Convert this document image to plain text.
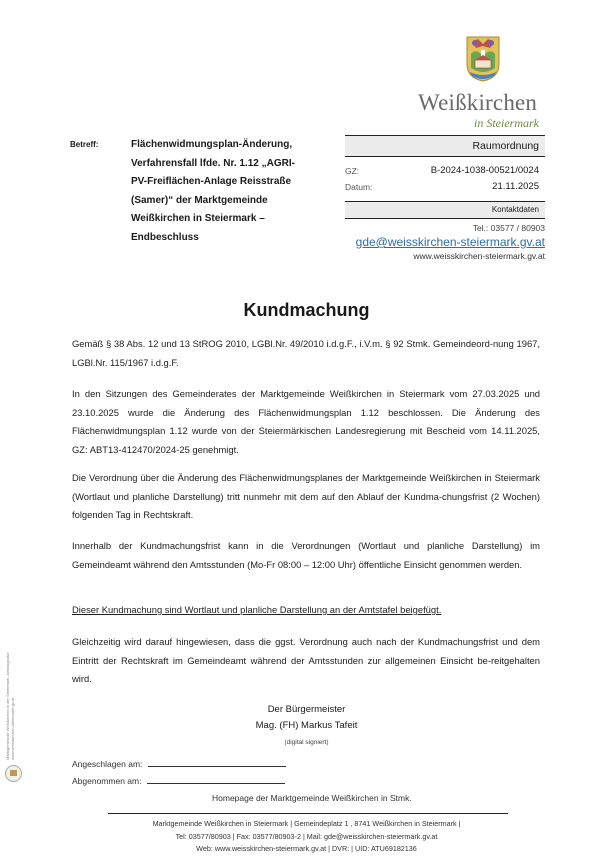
Weißkirchen
in Steiermark
Betreff:	Flächenwidmungsplan-Änderung,
Verfahrensfall lfde. Nr. 1.12 „AGRI-
PV-Freiflächen-Anlage Reisstraße
(Samer)“ der Marktgemeinde
Weißkirchen in Steiermark –
Endbeschluss
Raumordnung
GZ:	B-2024-1038-00521/0024
Datum:	21.11.2025
Kontaktdaten
Tel.: 03577 / 80903
gde@weisskirchen-steiermark.gv.at
www.weisskirchen-steiermark.gv.at
Kundmachung
Gemäß § 38 Abs. 12 und 13 StROG 2010, LGBl.Nr. 49/2010 i.d.g.F., i.V.m. § 92 Stmk. Gemeindeord-nung 1967, LGBl.Nr. 115/1967 i.d.g.F.
In den Sitzungen des Gemeinderates der Marktgemeinde Weißkirchen in Steiermark vom 27.03.2025 und 23.10.2025 wurde die Änderung des Flächenwidmungsplan 1.12 beschlossen. Die Änderung des Flächenwidmungsplan 1.12 wurde von der Steiermärkischen Landesregierung mit Bescheid vom 14.11.2025, GZ: ABT13-412470/2024-25 genehmigt.
Die Verordnung über die Änderung des Flächenwidmungsplanes der Marktgemeinde Weißkirchen in Steiermark (Wortlaut und planliche Darstellung) tritt nunmehr mit dem auf den Ablauf der Kundma-chungsfrist (2 Wochen) folgenden Tag in Rechtskraft.
Innerhalb der Kundmachungsfrist kann in die Verordnungen (Wortlaut und planliche Darstellung) im Gemeindeamt während den Amtsstunden (Mo-Fr 08:00 – 12:00 Uhr) öffentliche Einsicht genommen werden.
Dieser Kundmachung sind Wortlaut und planliche Darstellung an der Amtstafel beigefügt.
Gleichzeitig wird darauf hingewiesen, dass die ggst. Verordnung auch nach der Kundmachungsfrist und dem Eintritt der Rechtskraft im Gemeindeamt während der Amtsstunden zur allgemeinen Einsicht be-reitgehalten wird.
Der Bürgermeister
Mag. (FH) Markus Tafeit
(digital signiert)
Angeschlagen am:
Abgenommen am:
Homepage der Marktgemeinde Weißkirchen in Stmk.
Marktgemeinde Weißkirchen in Steiermark | Gemeindeplatz 1 , 8741 Weißkirchen in Steiermark |
Tel: 03577/80903 | Fax: 03577/80903-2 | Mail: gde@weisskirchen-steiermark.gv.at
Web: www.weisskirchen-steiermark.gv.at | DVR: | UID: ATU69182136
Marktgemeinde Weißkirchen in der Steiermark, Amtssignatur
www.weisskirchen-steiermark.gv.at
